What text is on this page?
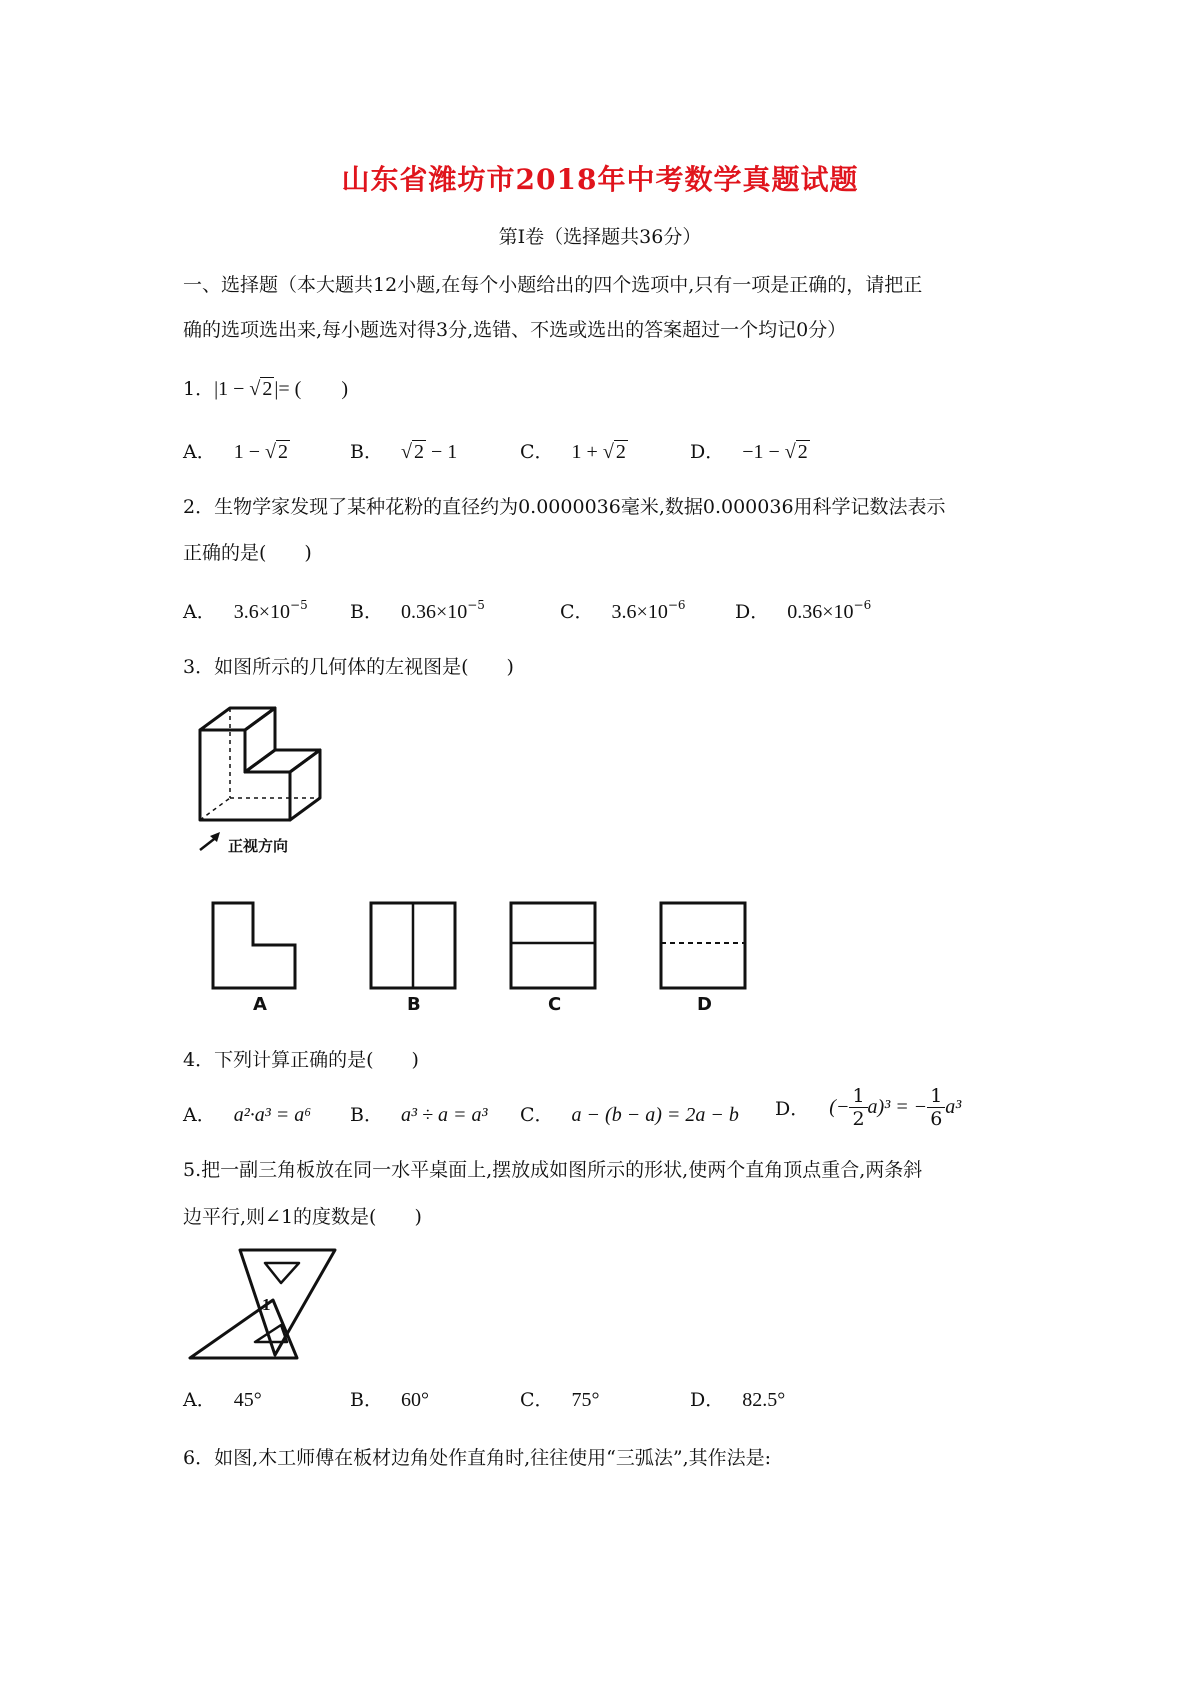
山东省潍坊市2018年中考数学真题试题
第Ⅰ卷（选择题共36分）
一、选择题（本大题共12小题,在每个小题给出的四个选项中,只有一项是正确的，请把正
确的选项选出来,每小题选对得3分,选错、不选或选出的答案超过一个均记0分）
1．|1 − √ 2 |= (　　)
A． 1 − √ 2	B． √ 2 − 1	C． 1 + √ 2	D． −1 − √ 2
2．生物学家发现了某种花粉的直径约为0.0000036毫米,数据0.000036用科学记数法表示
正确的是(　　)
A． $3.6\times 10^{-5}$ B． $0.36\times 10^{-5}$	C． $3.6\times 10^{-6}$	D． $0.36\times 10^{-6}$
3．如图所示的几何体的左视图是(　　)
正视方向
A	B	C	D
4．下列计算正确的是(　　)
A． a²·a³ = a⁶ B． a³ ÷ a = a³ C． a − (b − a) = 2a − b D． (− $\frac{1}{2} a)^3$ = − $\frac{1}{6} a^3$
5.把一副三角板放在同一水平桌面上,摆放成如图所示的形状,使两个直角顶点重合,两条斜
边平行,则∠1的度数是(　　)
1
A． 45°	B． 60°	C． 75°	D． 82.5°
6．如图,木工师傅在板材边角处作直角时,往往使用“三弧法”,其作法是:
